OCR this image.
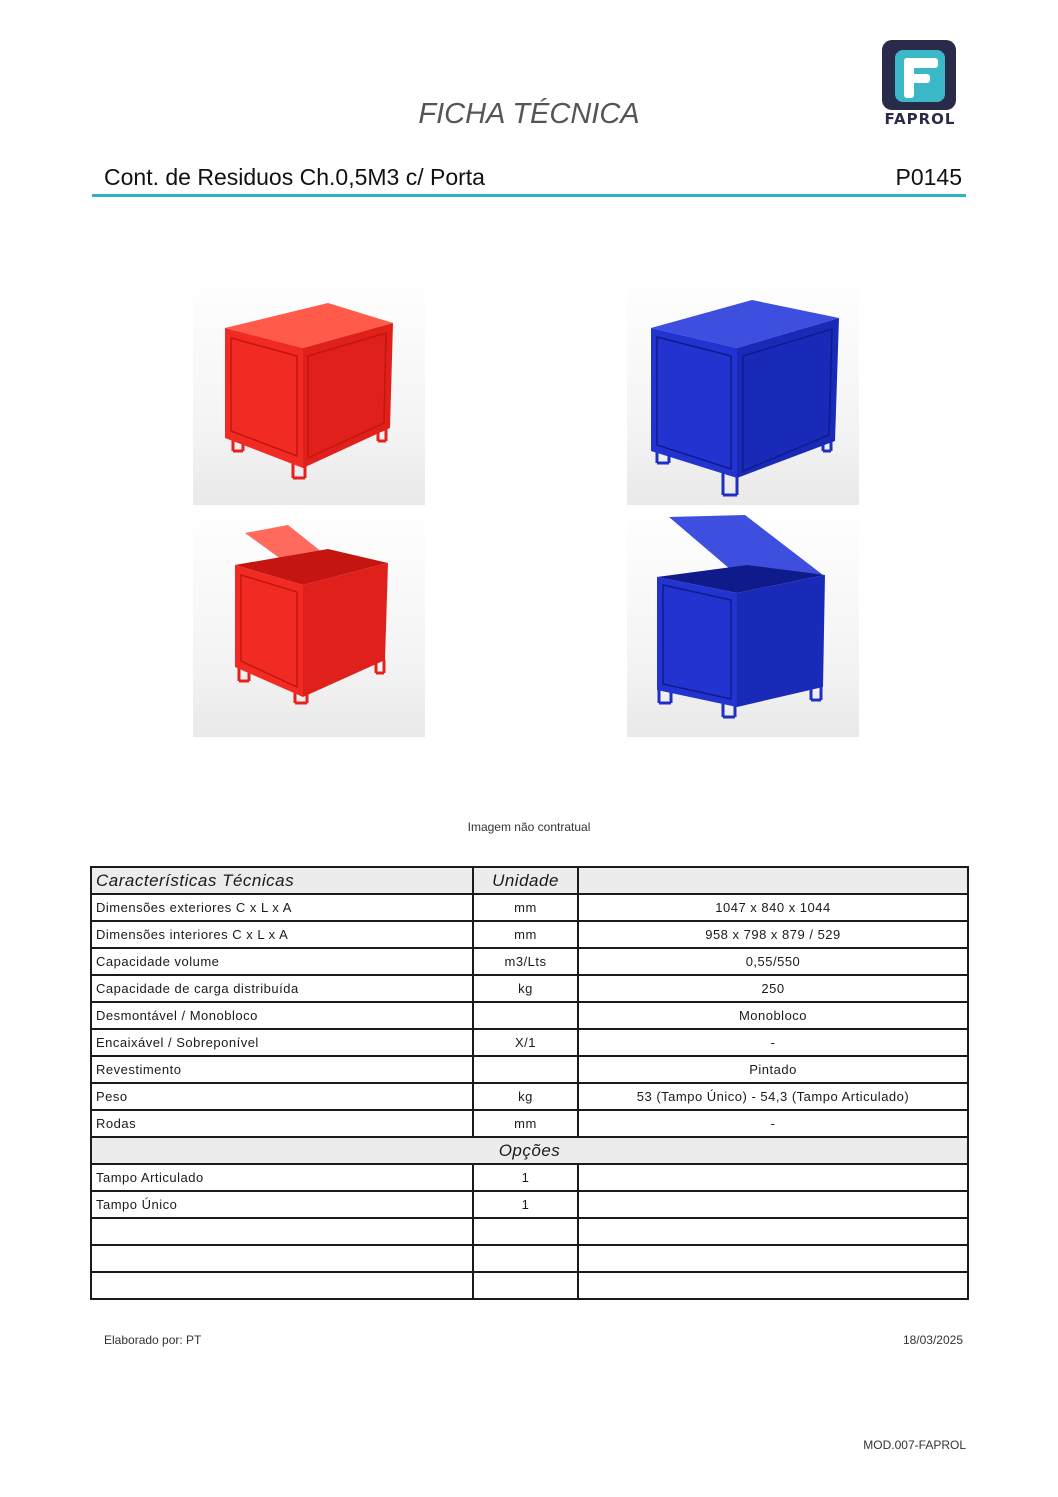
FAPROL
FICHA TÉCNICA
Cont. de Residuos Ch.0,5M3 c/ Porta	P0145
Imagem não contratual
Características Técnicas	Unidade	
Dimensões exteriores C x L x A	mm	1047 x 840 x 1044
Dimensões interiores C x L x A	mm	958 x 798 x 879 / 529
Capacidade volume	m3/Lts	0,55/550
Capacidade de carga distribuída	kg	250
Desmontável / Monobloco		Monobloco
Encaixável / Sobreponível	X/1	-
Revestimento		Pintado
Peso	kg	53 (Tampo Único) - 54,3 (Tampo Articulado)
Rodas	mm	-
Opções		
Tampo Articulado	1	
Tampo Único	1	

Elaborado por: PT	18/03/2025
MOD.007-FAPROL
